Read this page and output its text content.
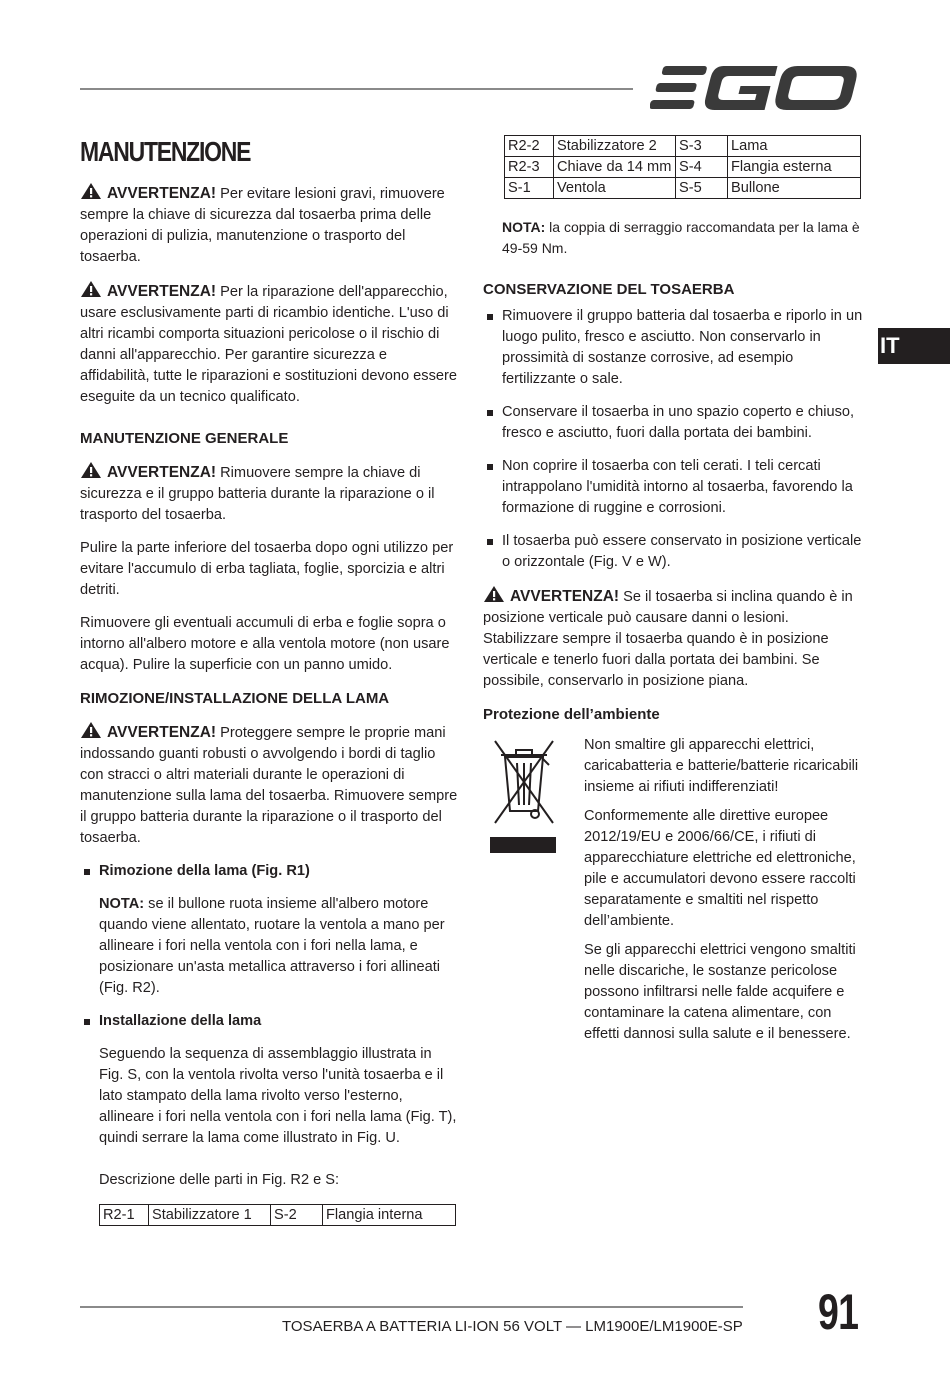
IT
MANUTENZIONE

AVVERTENZA! Per evitare lesioni gravi, rimuovere sempre la chiave di sicurezza dal tosaerba prima delle operazioni di pulizia, manutenzione o trasporto del tosaerba.

AVVERTENZA! Per la riparazione dell'apparecchio, usare esclusivamente parti di ricambio identiche. L'uso di altri ricambi comporta situazioni pericolose o il rischio di danni all'apparecchio. Per garantire sicurezza e affidabilità, tutte le riparazioni e sostituzioni devono essere eseguite da un tecnico qualificato.

MANUTENZIONE GENERALE

AVVERTENZA! Rimuovere sempre la chiave di sicurezza e il gruppo batteria durante la riparazione o il trasporto del tosaerba.

Pulire la parte inferiore del tosaerba dopo ogni utilizzo per evitare l'accumulo di erba tagliata, foglie, sporcizia e altri detriti.

Rimuovere gli eventuali accumuli di erba e foglie sopra o intorno all'albero motore e alla ventola motore (non usare acqua). Pulire la superficie con un panno umido.

RIMOZIONE/INSTALLAZIONE DELLA LAMA

AVVERTENZA! Proteggere sempre le proprie mani indossando guanti robusti o avvolgendo i bordi di taglio con stracci o altri materiali durante le operazioni di manutenzione sulla lama del tosaerba. Rimuovere sempre il gruppo batteria durante la riparazione o il trasporto del tosaerba.

Rimozione della lama (Fig. R1)

NOTA: se il bullone ruota insieme all'albero motore quando viene allentato, ruotare la ventola a mano per allineare i fori nella ventola con i fori nella lama, e posizionare un'asta metallica attraverso i fori allineati (Fig. R2).

Installazione della lama

Seguendo la sequenza di assemblaggio illustrata in Fig. S, con la ventola rivolta verso l'unità tosaerba e il lato stampato della lama rivolto verso l'esterno, allineare i fori nella ventola con i fori nella lama (Fig. T), quindi serrare la lama come illustrato in Fig. U.

Descrizione delle parti in Fig. R2 e S:

R2-1	Stabilizzatore 1	S-2	Flangia interna
R2-2	Stabilizzatore 2	S-3	Lama
R2-3	Chiave da 14 mm	S-4	Flangia esterna
S-1	Ventola	S-5	Bullone

NOTA: la coppia di serraggio raccomandata per la lama è 49-59 Nm.

CONSERVAZIONE DEL TOSAERBA
Rimuovere il gruppo batteria dal tosaerba e riporlo in un luogo pulito, fresco e asciutto. Non conservarlo in prossimità di sostanze corrosive, ad esempio fertilizzante o sale.
Conservare il tosaerba in uno spazio coperto e chiuso, fresco e asciutto, fuori dalla portata dei bambini.
Non coprire il tosaerba con teli cerati. I teli cercati intrappolano l'umidità intorno al tosaerba, favorendo la formazione di ruggine e corrosioni.
Il tosaerba può essere conservato in posizione verticale o orizzontale (Fig. V e W).

AVVERTENZA! Se il tosaerba si inclina quando è in posizione verticale può causare danni o lesioni. Stabilizzare sempre il tosaerba quando è in posizione verticale e tenerlo fuori dalla portata dei bambini. Se possibile, conservarlo in posizione piana.

Protezione dell’ambiente

Non smaltire gli apparecchi elettrici, caricabatteria e batterie/batterie ricaricabili insieme ai rifiuti indifferenziati!

Conformemente alle direttive europee 2012/19/EU e 2006/66/CE, i rifiuti di apparecchiature elettriche ed elettroniche, pile e accumulatori devono essere raccolti separatamente e smaltiti nel rispetto dell’ambiente.

Se gli apparecchi elettrici vengono smaltiti nelle discariche, le sostanze pericolose possono infiltrarsi nelle falde acquifere e contaminare la catena alimentare, con effetti dannosi sulla salute e il benessere.

TOSAERBA A BATTERIA LI-ION 56 VOLT — LM1900E/LM1900E-SP 91
